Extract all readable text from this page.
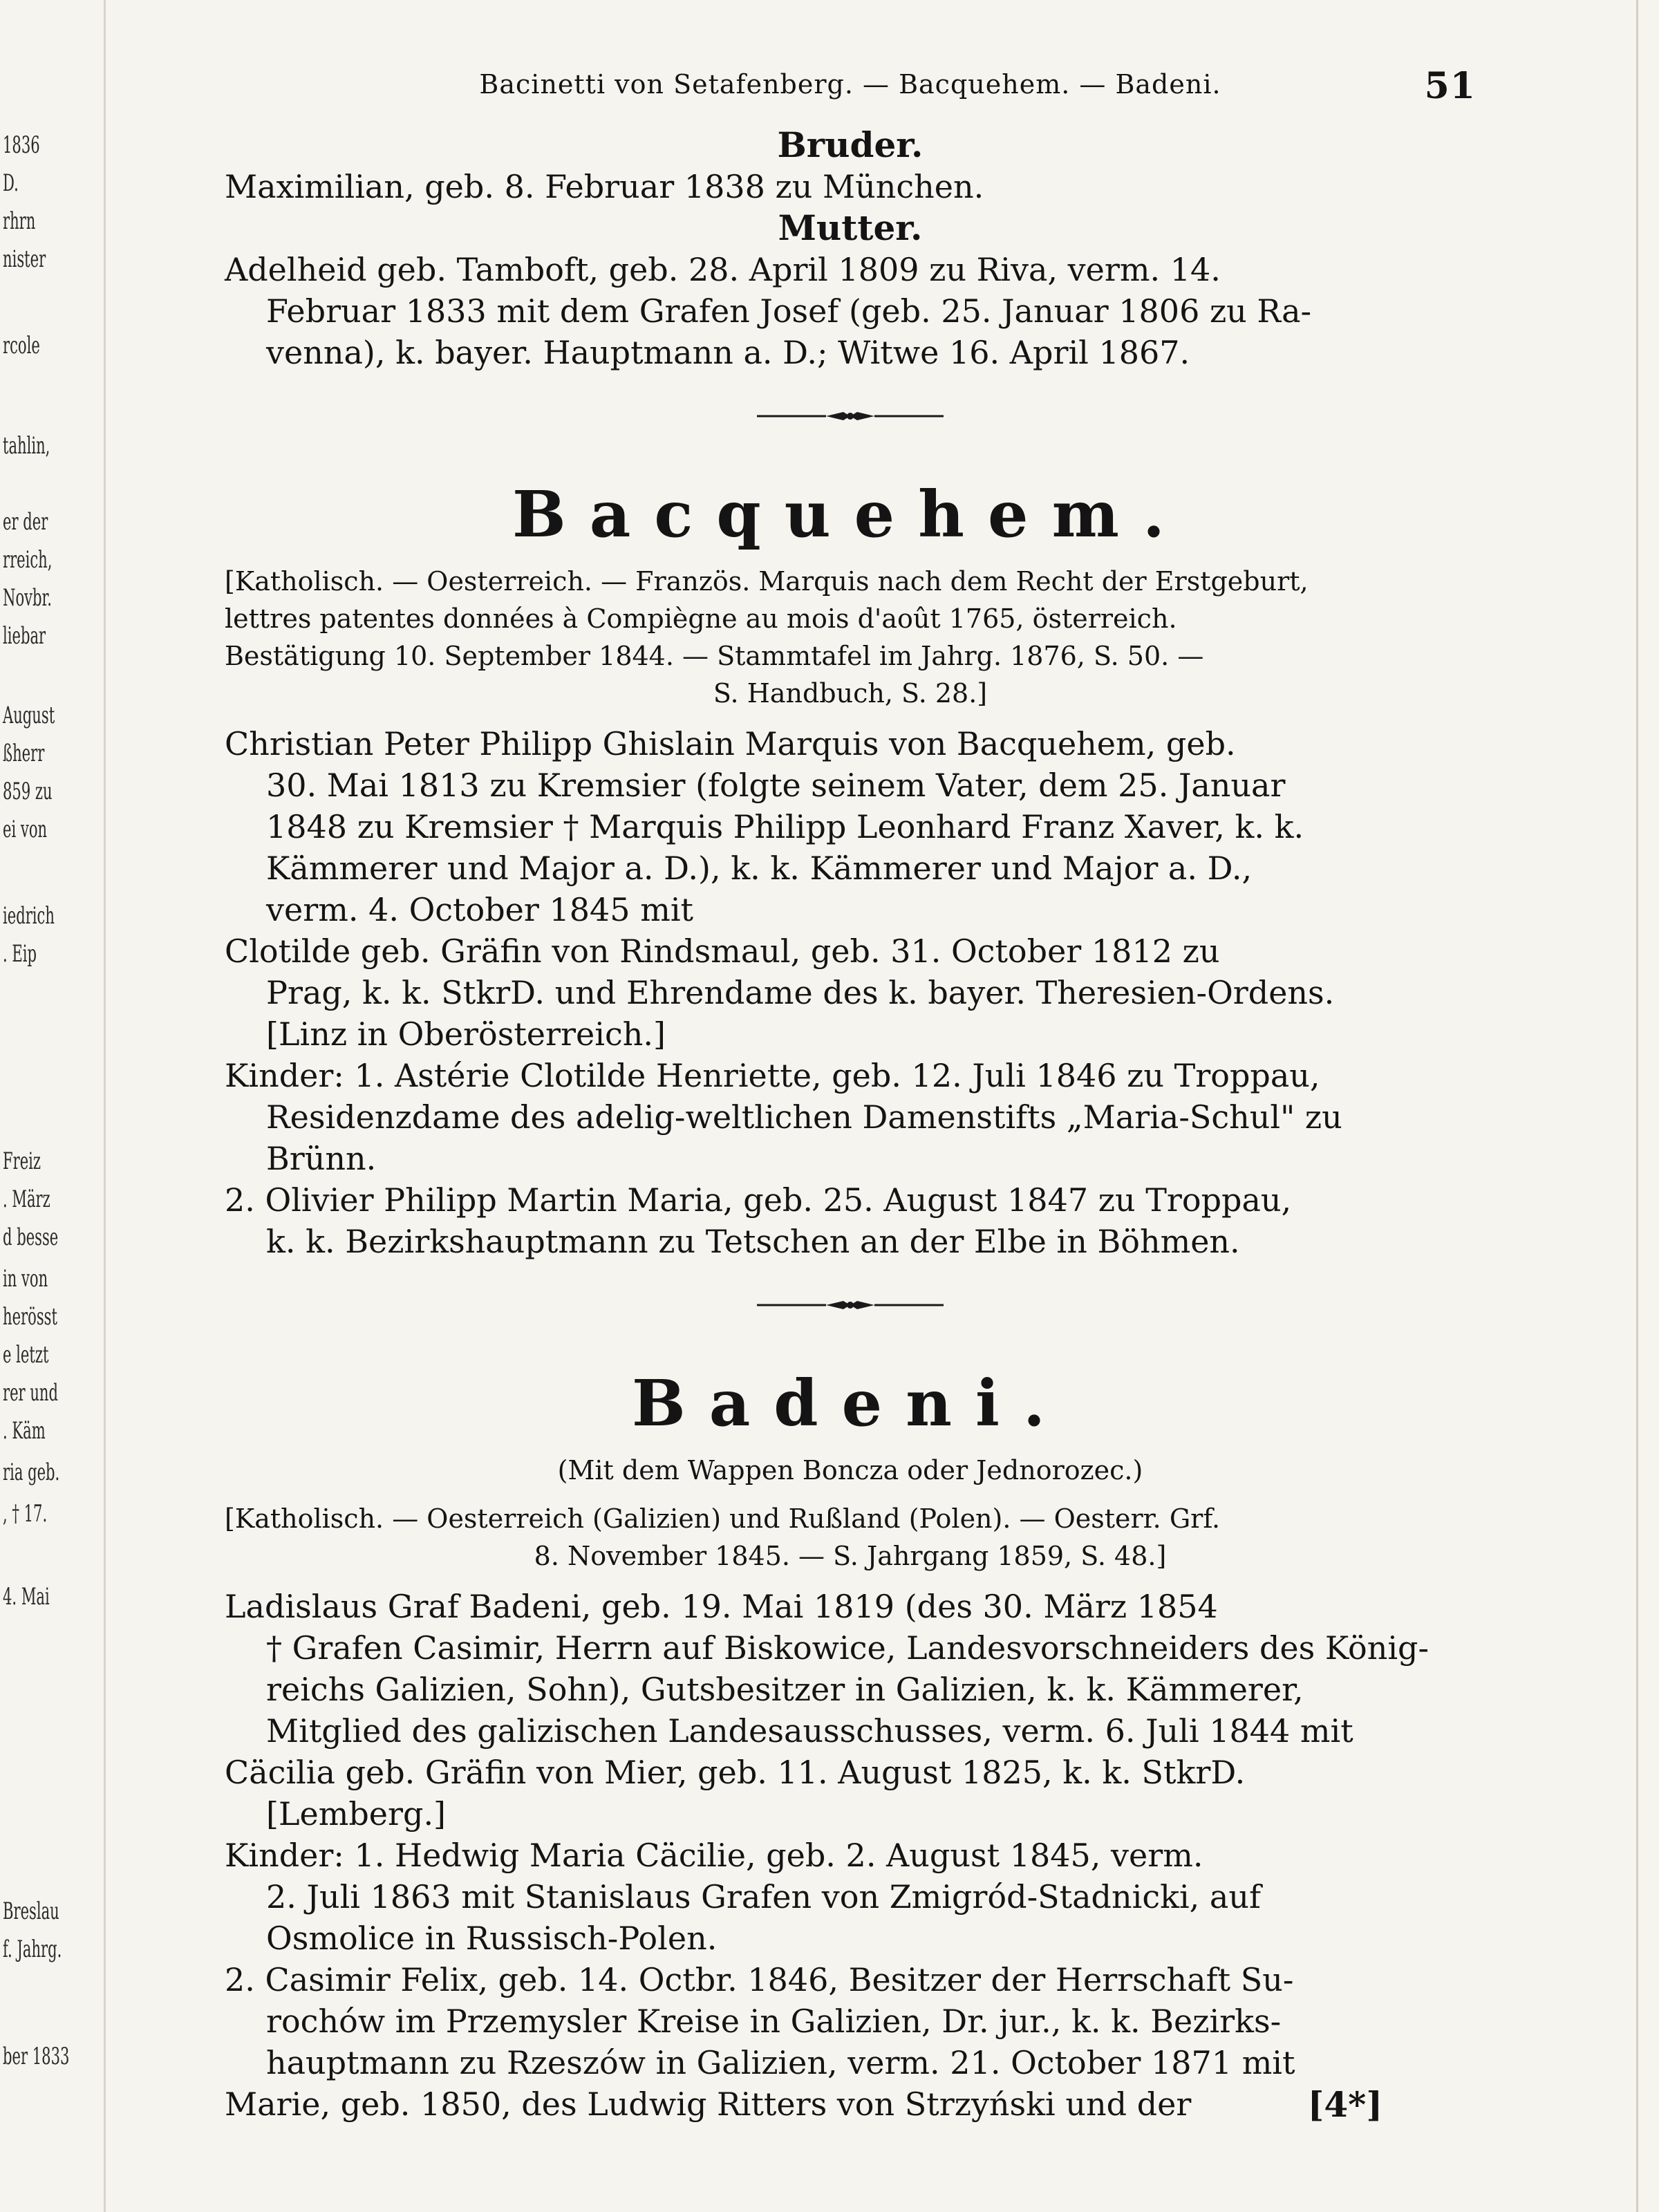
1836
D.
rhrn
nister
rcole
tahlin,
er der
rreich,
Novbr.
liebar
August
ßherr
859 zu
ei von
iedrich
. Eip
Freiz
. März
d besse
in von
herösst
e letzt
rer und
. Käm
ria geb.
, † 17.
4. Mai
Breslau
f. Jahrg.
ber 1833
Bacinetti von Setafenberg. — Bacquehem. — Badeni.	51
Bruder.
Maximilian, geb. 8. Februar 1838 zu München.
Mutter.
Adelheid geb. Tamboft, geb. 28. April 1809 zu Riva, verm. 14.
Februar 1833 mit dem Grafen Josef (geb. 25. Januar 1806 zu Ra-
venna), k. bayer. Hauptmann a. D.; Witwe 16. April 1867.
Bacquehem.
[Katholisch. — Oesterreich. — Französ. Marquis nach dem Recht der Erstgeburt,
lettres patentes données à Compiègne au mois d'août 1765, österreich.
Bestätigung 10. September 1844. — Stammtafel im Jahrg. 1876, S. 50. —
S. Handbuch, S. 28.]
Christian Peter Philipp Ghislain Marquis von Bacquehem, geb.
30. Mai 1813 zu Kremsier (folgte seinem Vater, dem 25. Januar
1848 zu Kremsier † Marquis Philipp Leonhard Franz Xaver, k. k.
Kämmerer und Major a. D.), k. k. Kämmerer und Major a. D.,
verm. 4. October 1845 mit
Clotilde geb. Gräfin von Rindsmaul, geb. 31. October 1812 zu
Prag, k. k. StkrD. und Ehrendame des k. bayer. Theresien-Ordens.
[Linz in Oberösterreich.]
Kinder: 1. Astérie Clotilde Henriette, geb. 12. Juli 1846 zu Troppau,
Residenzdame des adelig-weltlichen Damenstifts „Maria-Schul" zu
Brünn.
2. Olivier Philipp Martin Maria, geb. 25. August 1847 zu Troppau,
k. k. Bezirkshauptmann zu Tetschen an der Elbe in Böhmen.
Badeni.
(Mit dem Wappen Boncza oder Jednorozec.)
[Katholisch. — Oesterreich (Galizien) und Rußland (Polen). — Oesterr. Grf.
8. November 1845. — S. Jahrgang 1859, S. 48.]
Ladislaus Graf Badeni, geb. 19. Mai 1819 (des 30. März 1854
† Grafen Casimir, Herrn auf Biskowice, Landesvorschneiders des König-
reichs Galizien, Sohn), Gutsbesitzer in Galizien, k. k. Kämmerer,
Mitglied des galizischen Landesausschusses, verm. 6. Juli 1844 mit
Cäcilia geb. Gräfin von Mier, geb. 11. August 1825, k. k. StkrD.
[Lemberg.]
Kinder: 1. Hedwig Maria Cäcilie, geb. 2. August 1845, verm.
2. Juli 1863 mit Stanislaus Grafen von Zmigród-Stadnicki, auf
Osmolice in Russisch-Polen.
2. Casimir Felix, geb. 14. Octbr. 1846, Besitzer der Herrschaft Su-
rochów im Przemysler Kreise in Galizien, Dr. jur., k. k. Bezirks-
hauptmann zu Rzeszów in Galizien, verm. 21. October 1871 mit
Marie, geb. 1850, des Ludwig Ritters von Strzyński und der	[4*]
